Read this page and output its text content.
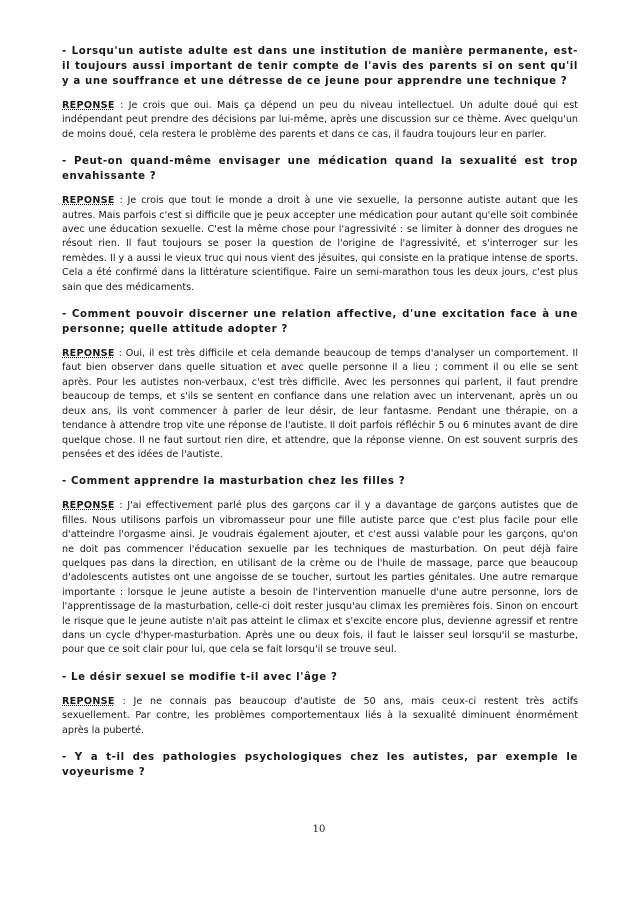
- Lorsqu'un autiste adulte est dans une institution de manière permanente, est-il toujours aussi important de tenir compte de l'avis des parents si on sent qu'il y a une souffrance et une détresse de ce jeune pour apprendre une technique ?

REPONSE : Je crois que oui. Mais ça dépend un peu du niveau intellectuel. Un adulte doué qui est indépendant peut prendre des décisions par lui-même, après une discussion sur ce thème. Avec quelqu'un de moins doué, cela restera le problème des parents et dans ce cas, il faudra toujours leur en parler.

- Peut-on quand-même envisager une médication quand la sexualité est trop envahissante ?

REPONSE : Je crois que tout le monde a droit à une vie sexuelle, la personne autiste autant que les autres. Mais parfois c'est si difficile que je peux accepter une médication pour autant qu'elle soit combinée avec une éducation sexuelle. C'est la même chose pour l'agressivité : se limiter à donner des drogues ne résout rien. Il faut toujours se poser la question de l'origine de l'agressivité, et s'interroger sur les remèdes. Il y a aussi le vieux truc qui nous vient des jésuites, qui consiste en la pratique intense de sports. Cela a été confirmé dans la littérature scientifique. Faire un semi-marathon tous les deux jours, c'est plus sain que des médicaments.

- Comment pouvoir discerner une relation affective, d'une excitation face à une personne; quelle attitude adopter ?

REPONSE : Oui, il est très difficile et cela demande beaucoup de temps d'analyser un comportement. Il faut bien observer dans quelle situation et avec quelle personne il a lieu ; comment il ou elle se sent après. Pour les autistes non-verbaux, c'est très difficile. Avec les personnes qui parlent, il faut prendre beaucoup de temps, et s'ils se sentent en confiance dans une relation avec un intervenant, après un ou deux ans, ils vont commencer à parler de leur désir, de leur fantasme. Pendant une thérapie, on a tendance à attendre trop vite une réponse de l'autiste. Il doit parfois réfléchir 5 ou 6 minutes avant de dire quelque chose. Il ne faut surtout rien dire, et attendre, que la réponse vienne. On est souvent surpris des pensées et des idées de l'autiste.

- Comment apprendre la masturbation chez les filles ?

REPONSE : J'ai effectivement parlé plus des garçons car il y a davantage de garçons autistes que de filles. Nous utilisons parfois un vibromasseur pour une fille autiste parce que c'est plus facile pour elle d'atteindre l'orgasme ainsi. Je voudrais également ajouter, et c'est aussi valable pour les garçons, qu'on ne doit pas commencer l'éducation sexuelle par les techniques de masturbation. On peut déjà faire quelques pas dans la direction, en utilisant de la crème ou de l'huile de massage, parce que beaucoup d'adolescents autistes ont une angoisse de se toucher, surtout les parties génitales. Une autre remarque importante : lorsque le jeune autiste a besoin de l'intervention manuelle d'une autre personne, lors de l'apprentissage de la masturbation, celle-ci doit rester jusqu'au climax les premières fois. Sinon on encourt le risque que le jeune autiste n'ait pas atteint le climax et s'excite encore plus, devienne agressif et rentre dans un cycle d'hyper-masturbation. Après une ou deux fois, il faut le laisser seul lorsqu'il se masturbe, pour que ce soit clair pour lui, que cela se fait lorsqu'il se trouve seul.

- Le désir sexuel se modifie t-il avec l'âge ?

REPONSE : Je ne connais pas beaucoup d'autiste de 50 ans, mais ceux-ci restent très actifs sexuellement. Par contre, les problèmes comportementaux liés à la sexualité diminuent énormément après la puberté.

- Y a t-il des pathologies psychologiques chez les autistes, par exemple le voyeurisme ?

10
